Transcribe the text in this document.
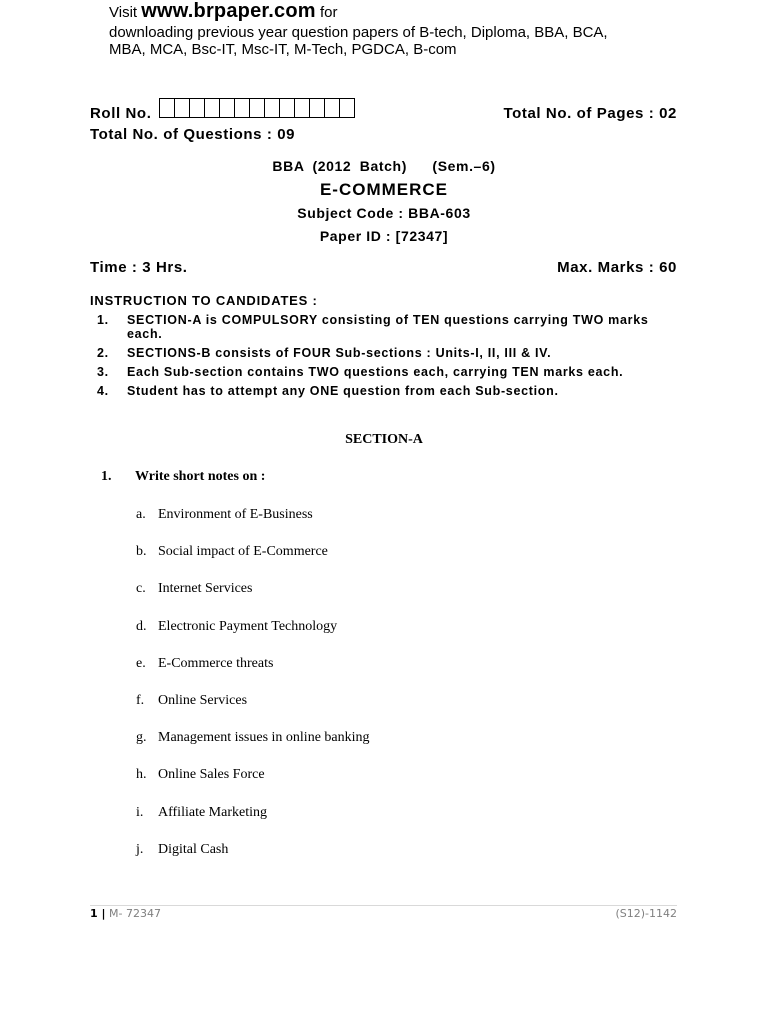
Visit www.brpaper.com for
downloading previous year question papers of B-tech, Diploma, BBA, BCA,
MBA, MCA, Bsc-IT, Msc-IT, M-Tech, PGDCA, B-com
Roll No.	Total No. of Pages : 02
Total No. of Questions : 09
BBA (2012 Batch)   (Sem.–6)
E-COMMERCE
Subject Code : BBA-603
Paper ID : [72347]
Time : 3 Hrs.	Max. Marks : 60
INSTRUCTION TO CANDIDATES :
1.	SECTION-A is COMPULSORY consisting of TEN questions carrying TWO marks each.
2.	SECTIONS-B consists of FOUR Sub-sections : Units-I, II, III & IV.
3.	Each Sub-section contains TWO questions each, carrying TEN marks each.
4.	Student has to attempt any ONE question from each Sub-section.
SECTION-A
1.	Write short notes on :
a. Environment of E-Business
b. Social impact of E-Commerce
c. Internet Services
d. Electronic Payment Technology
e. E-Commerce threats
f. Online Services
g. Management issues in online banking
h. Online Sales Force
i.	Affiliate Marketing
j.	Digital Cash
1 | M- 72347	(S12)-1142
